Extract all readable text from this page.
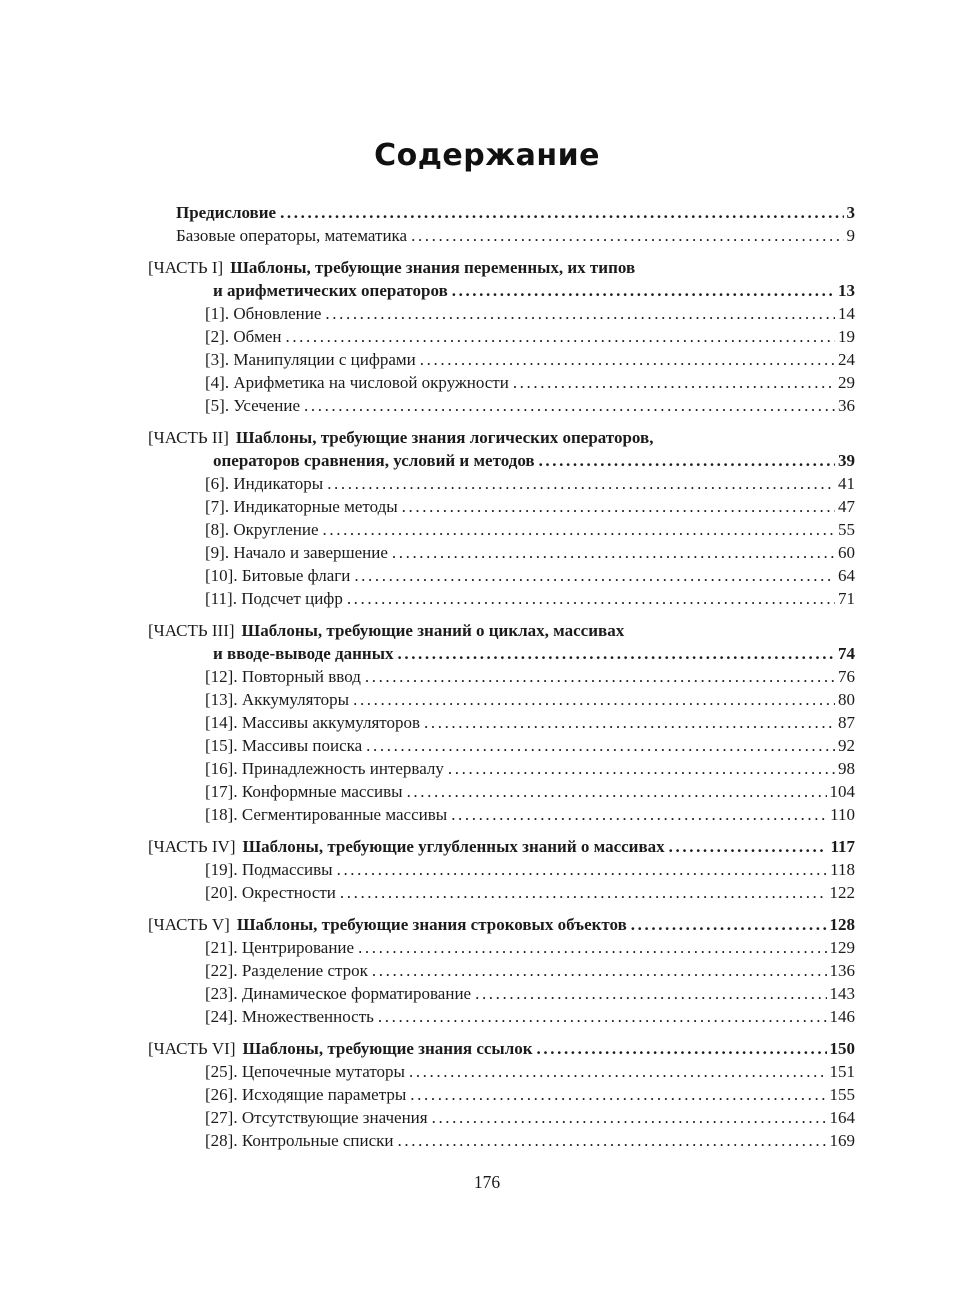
Содержание
Предисловие .....	3
Базовые операторы, математика .....	9
[ЧАСТЬ I] Шаблоны, требующие знания переменных, их типов
и арифметических операторов .....	13
[1]. Обновление .....	14
[2]. Обмен .....	19
[3]. Манипуляции с цифрами .....	24
[4]. Арифметика на числовой окружности .....	29
[5]. Усечение .....	36
[ЧАСТЬ II] Шаблоны, требующие знания логических операторов,
операторов сравнения, условий и методов .....	39
[6]. Индикаторы .....	41
[7]. Индикаторные методы .....	47
[8]. Округление .....	55
[9]. Начало и завершение .....	60
[10]. Битовые флаги .....	64
[11]. Подсчет цифр .....	71
[ЧАСТЬ III] Шаблоны, требующие знаний о циклах, массивах
и вводе-выводе данных .....	74
[12]. Повторный ввод .....	76
[13]. Аккумуляторы .....	80
[14]. Массивы аккумуляторов .....	87
[15]. Массивы поиска .....	92
[16]. Принадлежность интервалу .....	98
[17]. Конформные массивы .....	104
[18]. Сегментированные массивы .....	110
[ЧАСТЬ IV] Шаблоны, требующие углубленных знаний о массивах .....	117
[19]. Подмассивы .....	118
[20]. Окрестности .....	122
[ЧАСТЬ V] Шаблоны, требующие знания строковых объектов .....	128
[21]. Центрирование .....	129
[22]. Разделение строк .....	136
[23]. Динамическое форматирование .....	143
[24]. Множественность .....	146
[ЧАСТЬ VI] Шаблоны, требующие знания ссылок .....	150
[25]. Цепочечные мутаторы .....	151
[26]. Исходящие параметры .....	155
[27]. Отсутствующие значения .....	164
[28]. Контрольные списки .....	169
176
